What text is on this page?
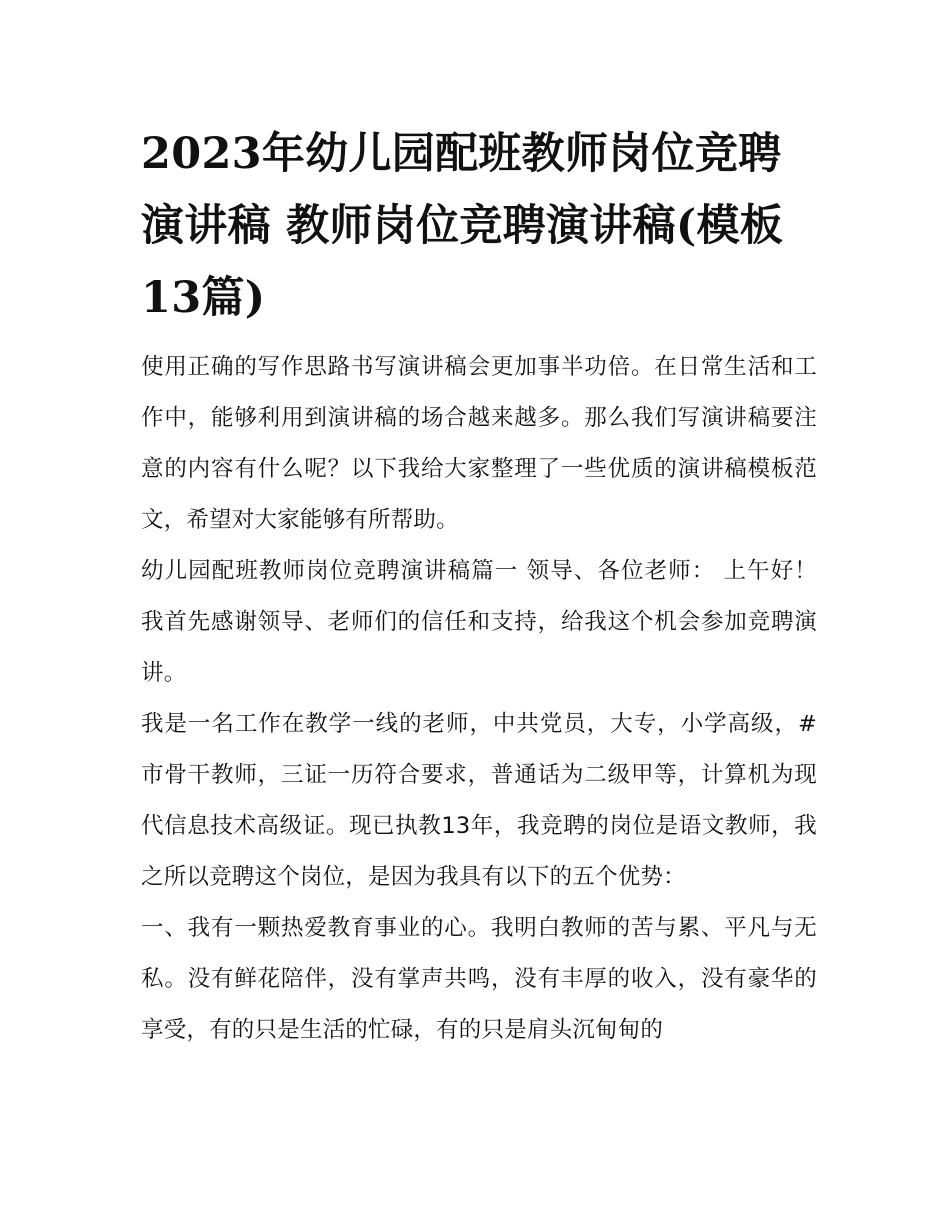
2023年幼儿园配班教师岗位竞聘演讲稿 教师岗位竞聘演讲稿(模板13篇)

使用正确的写作思路书写演讲稿会更加事半功倍。在日常生活和工作中，能够利用到演讲稿的场合越来越多。那么我们写演讲稿要注意的内容有什么呢？以下我给大家整理了一些优质的演讲稿模板范文，希望对大家能够有所帮助。

幼儿园配班教师岗位竞聘演讲稿篇一 领导、各位老师： 上午好！ 我首先感谢领导、老师们的信任和支持，给我这个机会参加竞聘演讲。

我是一名工作在教学一线的老师，中共党员，大专，小学高级，#市骨干教师，三证一历符合要求，普通话为二级甲等，计算机为现代信息技术高级证。现已执教13年，我竞聘的岗位是语文教师，我之所以竞聘这个岗位，是因为我具有以下的五个优势：

一、我有一颗热爱教育事业的心。我明白教师的苦与累、平凡与无私。没有鲜花陪伴，没有掌声共鸣，没有丰厚的收入，没有豪华的享受，有的只是生活的忙碌，有的只是肩头沉甸甸的
